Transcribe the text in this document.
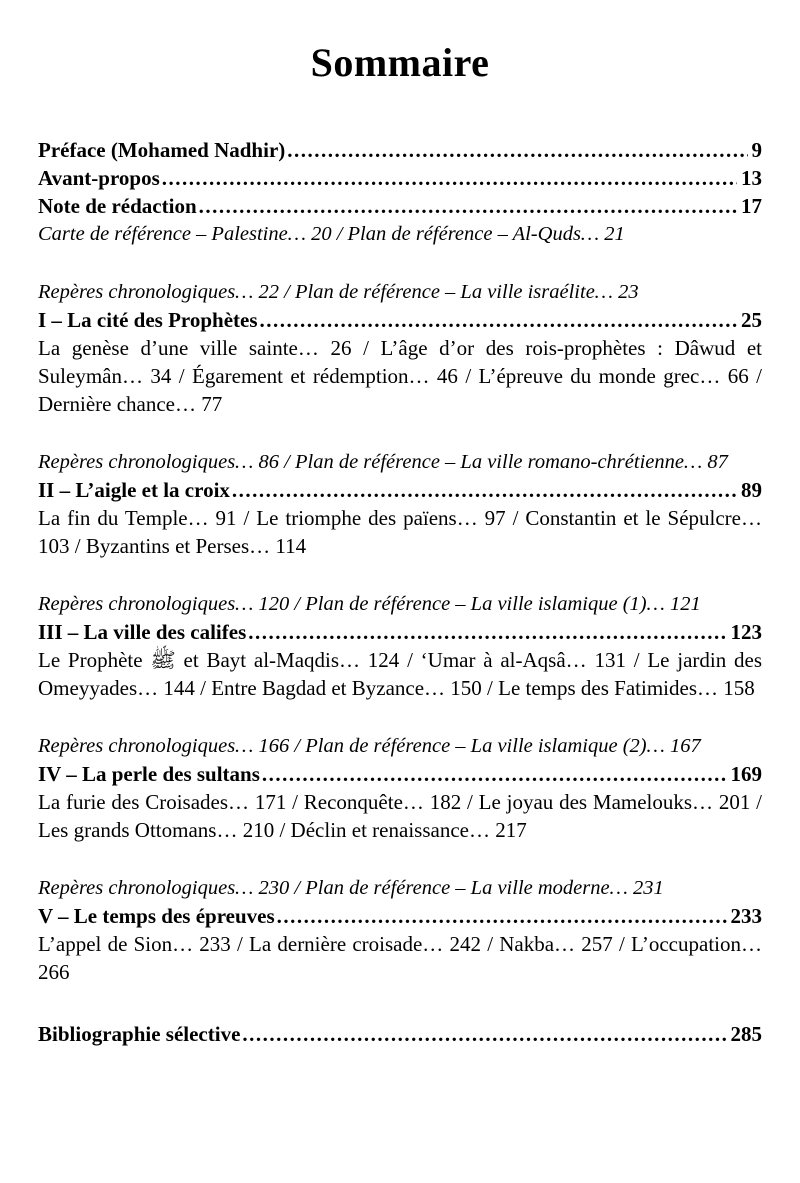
Sommaire
Préface (Mohamed Nadhir) .....	9
Avant-propos .....	13
Note de rédaction .....	17

Carte de référence – Palestine… 20 / Plan de référence – Al-Quds… 21

Repères chronologiques… 22 / Plan de référence – La ville israélite… 23

I – La cité des Prophètes .....	25

La genèse d’une ville sainte… 26 / L’âge d’or des rois-prophètes : Dâwud et Suleymân… 34 / Égarement et rédemption… 46 / L’épreuve du monde grec… 66 / Dernière chance… 77

Repères chronologiques… 86 / Plan de référence – La ville romano-chrétienne… 87

II – L’aigle et la croix .....	89

La fin du Temple… 91 / Le triomphe des païens… 97 / Constantin et le Sépulcre… 103 / Byzantins et Perses… 114

Repères chronologiques… 120 / Plan de référence – La ville islamique (1)… 121

III – La ville des califes .....	123

Le Prophète ﷺ et Bayt al-Maqdis… 124 / ‘Umar à al-Aqsâ… 131 / Le jardin des Omeyyades… 144 / Entre Bagdad et Byzance… 150 / Le temps des Fatimides… 158

Repères chronologiques… 166 / Plan de référence – La ville islamique (2)… 167

IV – La perle des sultans .....	169

La furie des Croisades… 171 / Reconquête… 182 / Le joyau des Mamelouks… 201 / Les grands Ottomans… 210 / Déclin et renaissance… 217

Repères chronologiques… 230 / Plan de référence – La ville moderne… 231

V – Le temps des épreuves .....	233

L’appel de Sion… 233 / La dernière croisade… 242 / Nakba… 257 / L’occupation… 266

Bibliographie sélective .....	285
